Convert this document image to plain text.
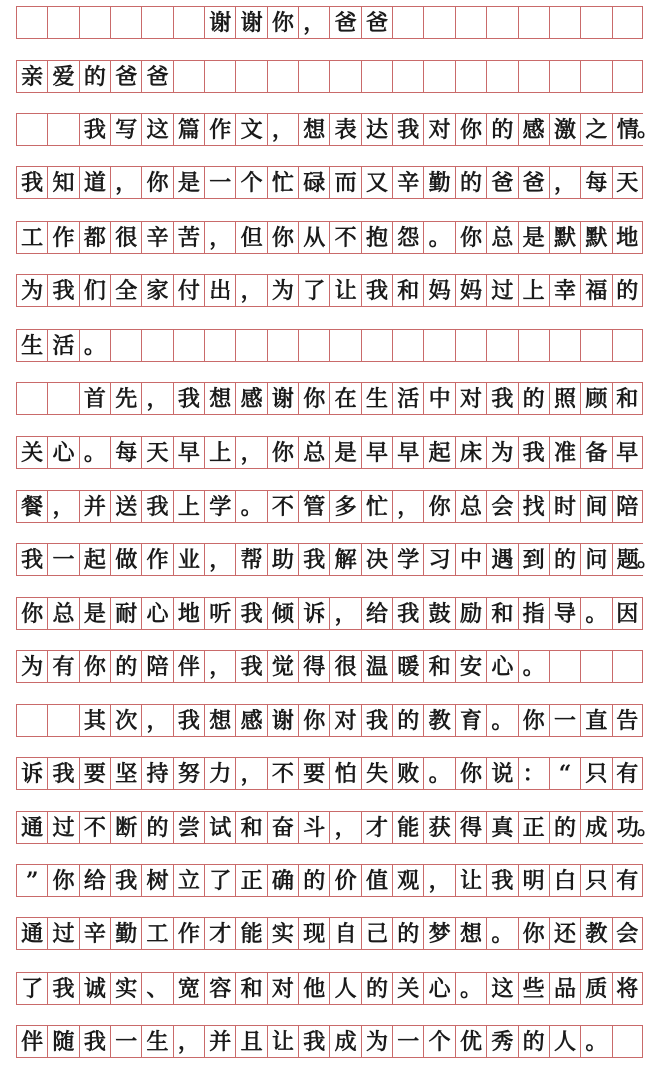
谢 谢 你 ， 爸 爸
亲 爱 的 爸 爸
我 写 这 篇 作 文 ， 想 表 达 我 对 你 的 感 激 之 情
。
我 知 道 ， 你 是 一 个 忙 碌 而 又 辛 勤 的 爸 爸 ， 每 天
工 作 都 很 辛 苦 ， 但 你 从 不 抱 怨 。 你 总 是 默 默 地
为 我 们 全 家 付 出 ， 为 了 让 我 和 妈 妈 过 上 幸 福 的
生 活 。
首 先 ， 我 想 感 谢 你 在 生 活 中 对 我 的 照 顾 和
关 心 。 每 天 早 上 ， 你 总 是 早 早 起 床 为 我 准 备 早
餐 ， 并 送 我 上 学 。 不 管 多 忙 ， 你 总 会 找 时 间 陪
我 一 起 做 作 业 ， 帮 助 我 解 决 学 习 中 遇 到 的 问 题
。
你 总 是 耐 心 地 听 我 倾 诉 ， 给 我 鼓 励 和 指 导 。 因
为 有 你 的 陪 伴 ， 我 觉 得 很 温 暖 和 安 心 。
其 次 ， 我 想 感 谢 你 对 我 的 教 育 。 你 一 直 告
诉 我 要 坚 持 努 力 ， 不 要 怕 失 败 。 你 说 ： “ 只 有
通 过 不 断 的 尝 试 和 奋 斗 ， 才 能 获 得 真 正 的 成 功
。
” 你 给 我 树 立 了 正 确 的 价 值 观 ， 让 我 明 白 只 有
通 过 辛 勤 工 作 才 能 实 现 自 己 的 梦 想 。 你 还 教 会
了 我 诚 实 、 宽 容 和 对 他 人 的 关 心 。 这 些 品 质 将
伴 随 我 一 生 ， 并 且 让 我 成 为 一 个 优 秀 的 人 。
